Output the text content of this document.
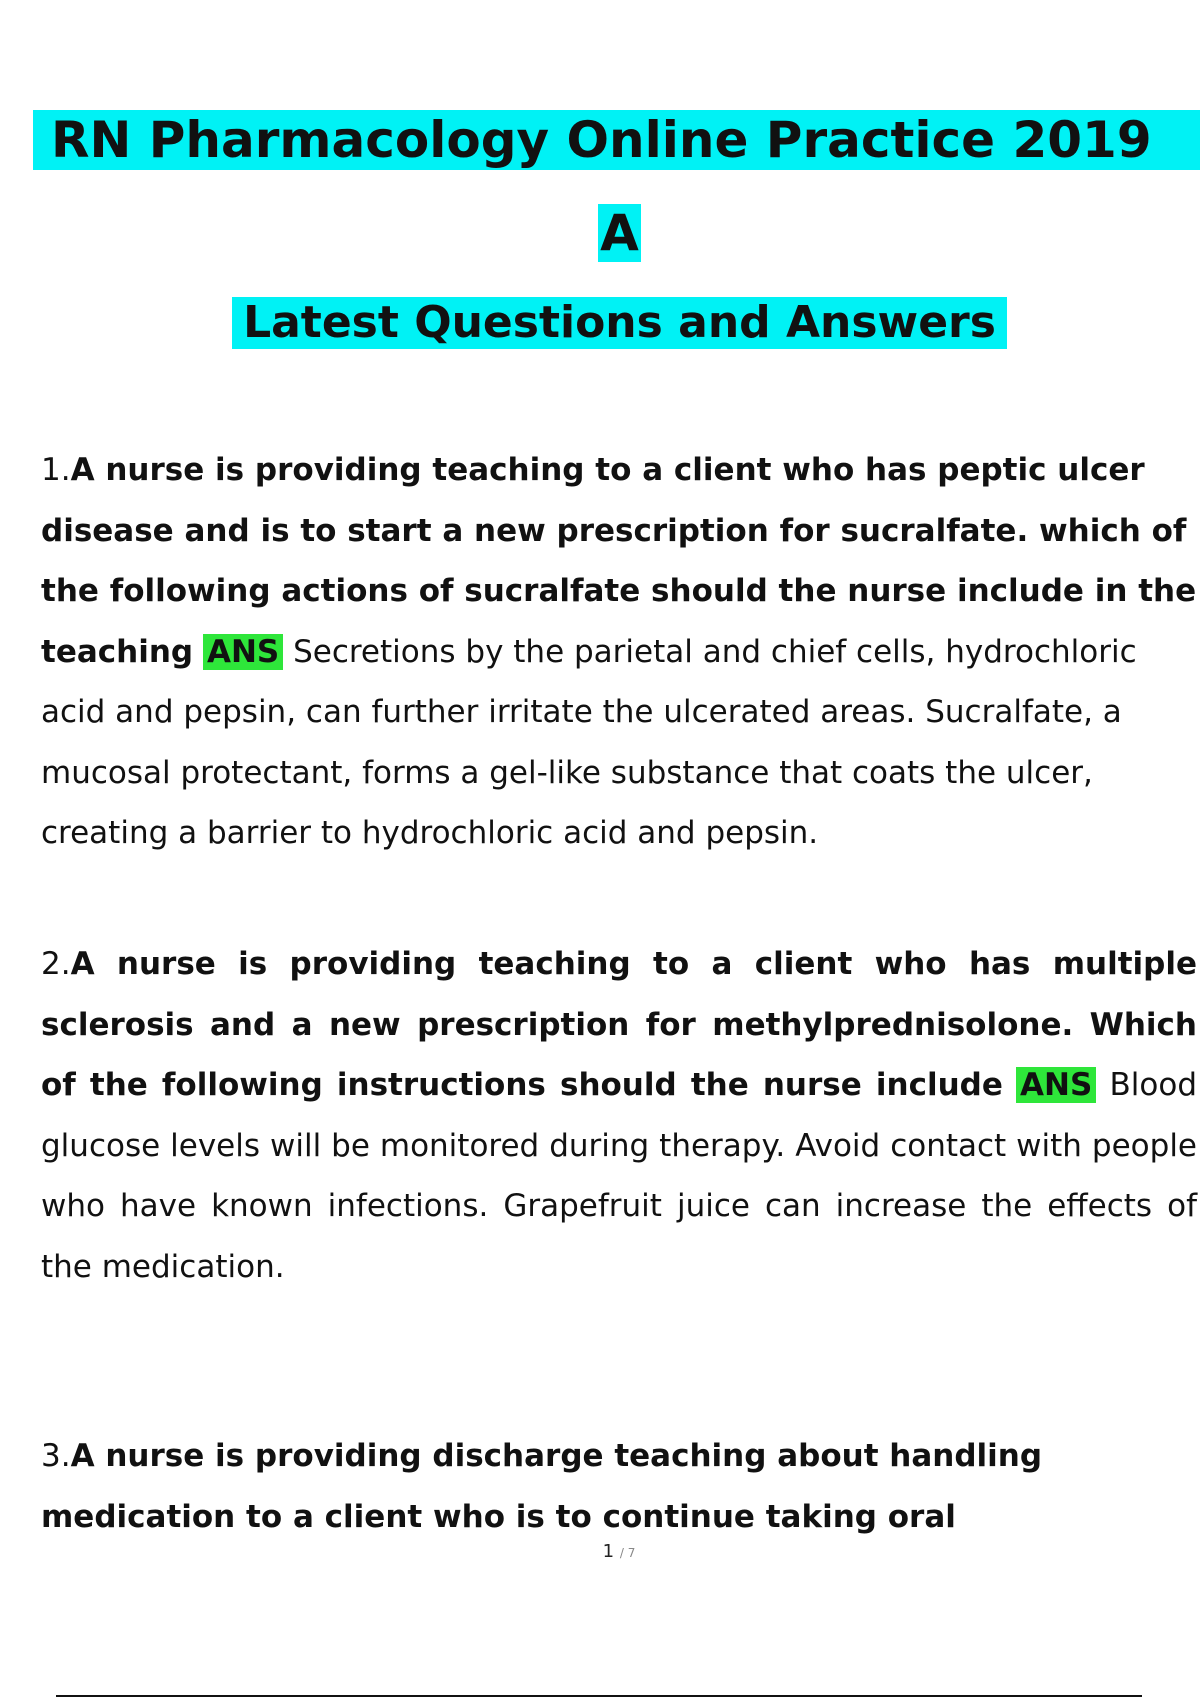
RN Pharmacology Online Practice 2019
A
Latest Questions and Answers
1.A nurse is providing teaching to a client who has peptic ulcer disease and is to start a new prescription for sucralfate. which of the following actions of sucralfate should the nurse include in the teaching ANS Secretions by the parietal and chief cells, hydrochloric acid and pepsin, can further irritate the ulcerated areas. Sucralfate, a mucosal protectant, forms a gel-like substance that coats the ulcer, creating a barrier to hydrochloric acid and pepsin.
2.A nurse is providing teaching to a client who has multiple sclerosis and a new prescription for methylprednisolone. Which of the following instructions should the nurse include ANS Blood glucose levels will be monitored during therapy. Avoid contact with people who have known infections. Grapefruit juice can increase the effects of the medication.
3.A nurse is providing discharge teaching about handling medication to a client who is to continue taking oral
1 / 7
